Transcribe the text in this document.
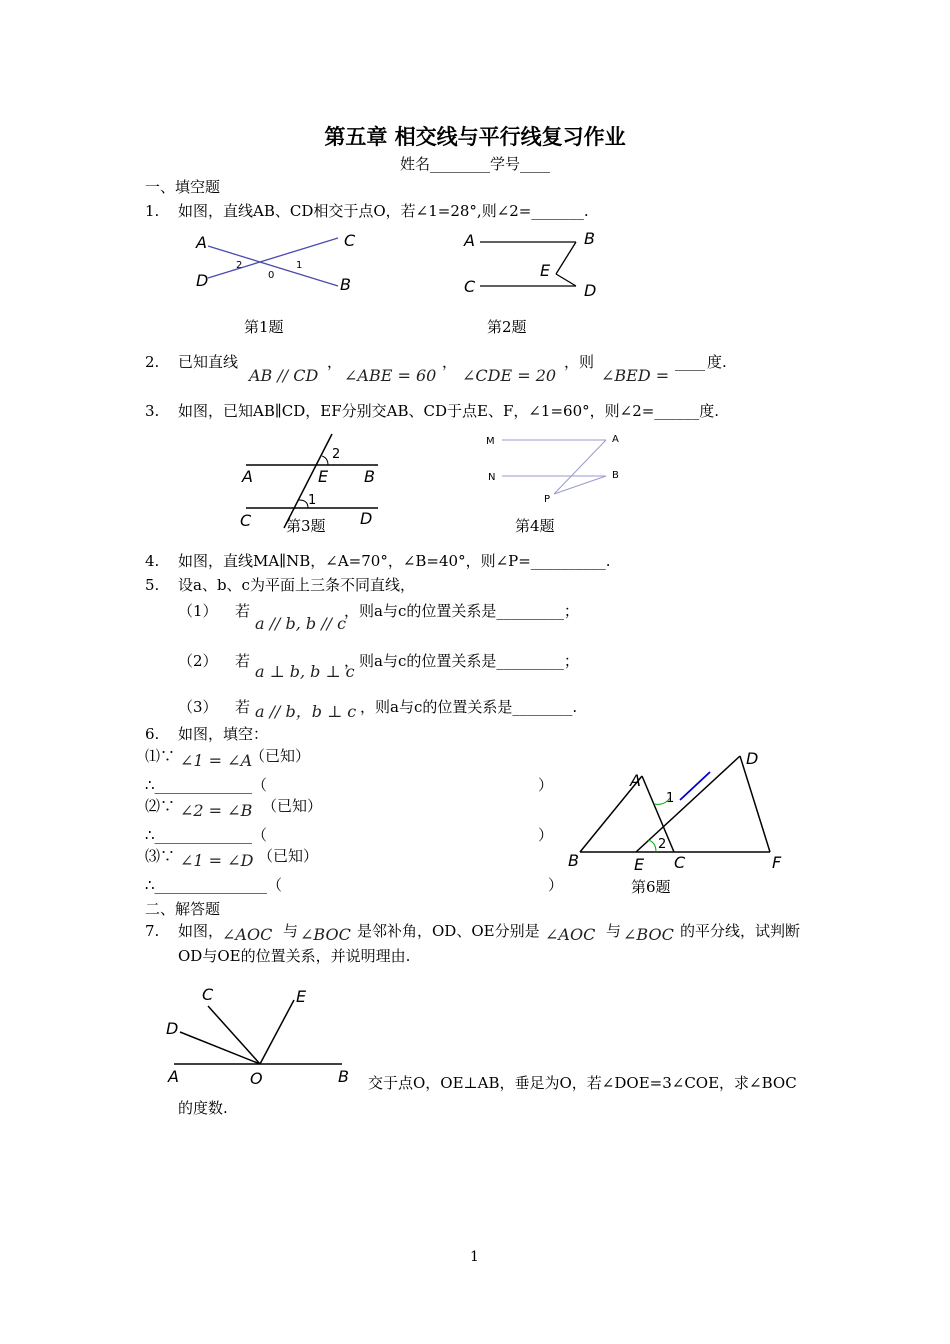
第五章 相交线与平行线复习作业
姓名________学号____
一、填空题
1. 如图，直线AB、CD相交于点O，若∠1=28°,则∠2=_______.
A	C
D	B
2	1
0
第1题
A	B
E
C	D
第2题
2. 已知直线
AB // CD
，
∠ABE = 60
，
∠CDE = 20
，则
∠BED =
____ 度.
3. 如图，已知AB∥CD，EF分别交AB、CD于点E、F，∠1=60°，则∠2=______度.
A	E B
2
1
C	D
第3题
M	A
N	B
P
第4题
4. 如图，直线MA∥NB，∠A=70°，∠B=40°，则∠P=__________.
5. 设a、b、c为平面上三条不同直线，
（1） 若
a // b, b // c
，则a与c的位置关系是_________；
（2） 若
a ⊥ b, b ⊥ c
，则a与c的位置关系是_________；
（3） 若 a // b，b ⊥ c ，则a与c的位置关系是________.
6. 如图，填空：
⑴∵ ∠1 = ∠A
（已知）
∴_____________（	）
⑵∵ ∠2 = ∠B （已知）
∴_____________（	）
⑶∵ ∠1 = ∠D （已知）
∴_______________（	）
A
D
1
2
B	E C	F
第6题
二、解答题
7. 如图，
∠AOC 与 ∠BOC 是邻补角，OD、OE分别是 ∠AOC 与 ∠BOC 的平分线，试判断
OD与OE的位置关系，并说明理由.
C	E
D
A	O	B 交于点O，OE⊥AB，垂足为O，若∠DOE=3∠COE，求∠BOC
的度数.
1
